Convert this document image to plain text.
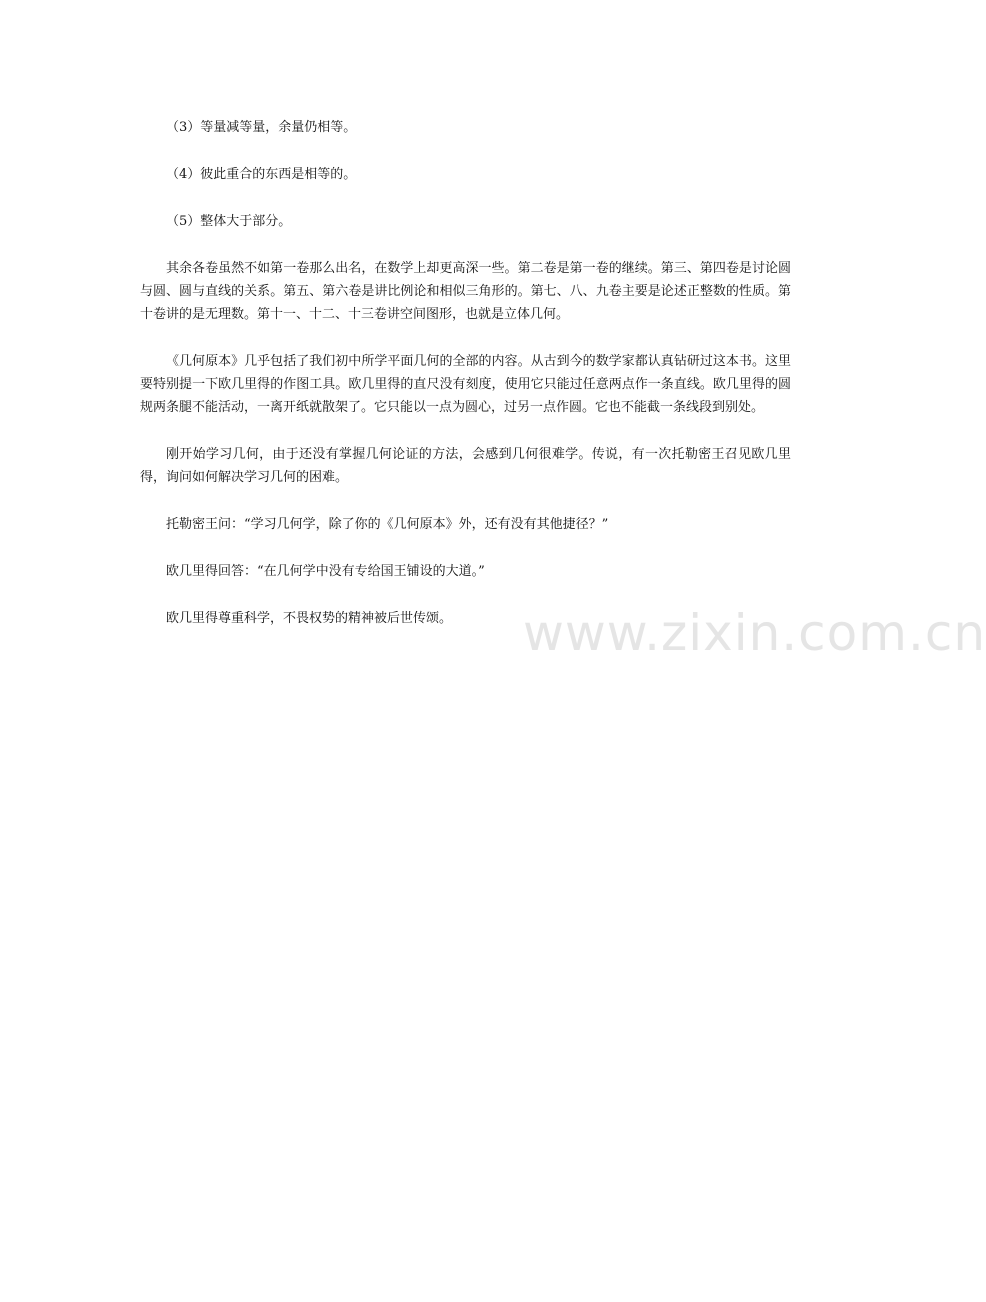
（3）等量减等量，余量仍相等。

（4）彼此重合的东西是相等的。

（5）整体大于部分。

其余各卷虽然不如第一卷那么出名，在数学上却更高深一些。第二卷是第一卷的继续。第三、第四卷是讨论圆与圆、圆与直线的关系。第五、第六卷是讲比例论和相似三角形的。第七、八、九卷主要是论述正整数的性质。第十卷讲的是无理数。第十一、十二、十三卷讲空间图形，也就是立体几何。

《几何原本》几乎包括了我们初中所学平面几何的全部的内容。从古到今的数学家都认真钻研过这本书。这里要特别提一下欧几里得的作图工具。欧几里得的直尺没有刻度，使用它只能过任意两点作一条直线。欧几里得的圆规两条腿不能活动，一离开纸就散架了。它只能以一点为圆心，过另一点作圆。它也不能截一条线段到别处。

刚开始学习几何，由于还没有掌握几何论证的方法，会感到几何很难学。传说，有一次托勒密王召见欧几里得，询问如何解决学习几何的困难。

托勒密王问：“学习几何学，除了你的《几何原本》外，还有没有其他捷径？”

欧几里得回答：“在几何学中没有专给国王铺设的大道。”

欧几里得尊重科学，不畏权势的精神被后世传颂。	www.zixin.com.cn
